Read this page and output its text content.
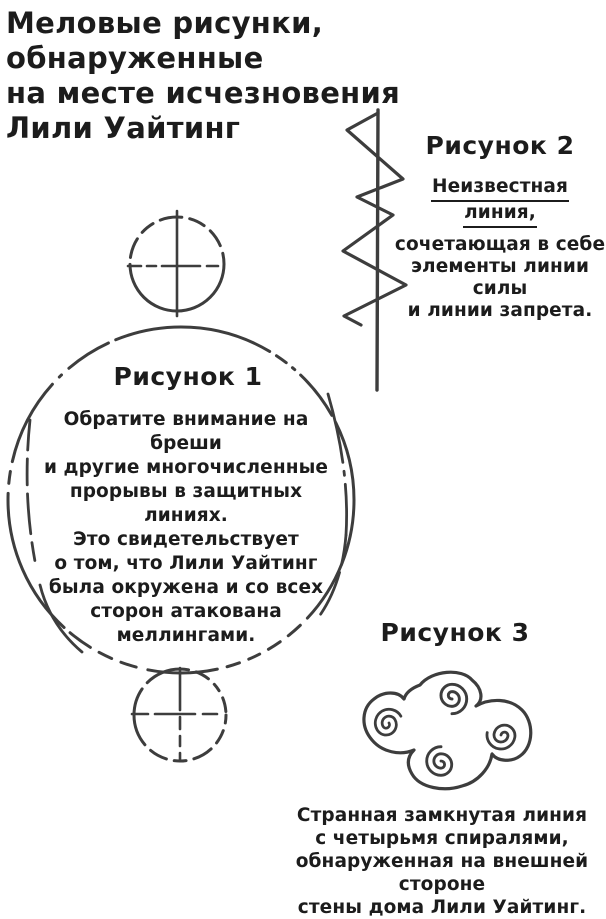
Меловые рисунки, обнаруженные
на месте исчезновения
Лили Уайтинг
Рисунок 2
Неизвестнаялиния,
сочетающая в себе
элементы линии силы
и линии запрета.
Рисунок 1
Обратите внимание на бреши
и другие многочисленные
прорывы в защитных линиях.
Это свидетельствует
о том, что Лили Уайтинг
была окружена и со всех
сторон атакована
меллингами.	Рисунок 3
Странная замкнутая линия
с четырьмя спиралями,
обнаруженная на внешней стороне
стены дома Лили Уайтинг.
